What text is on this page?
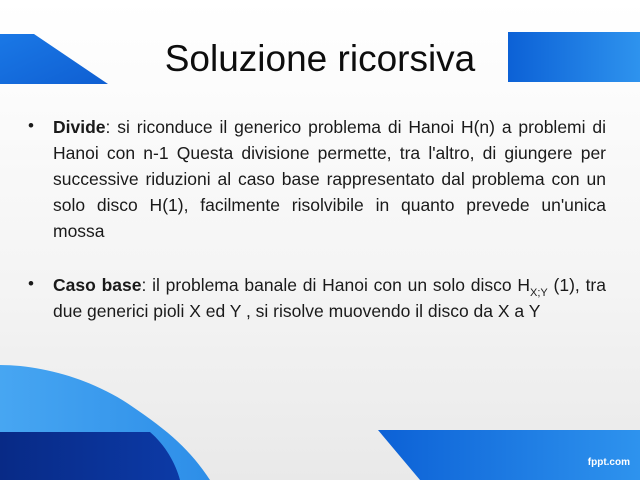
Soluzione ricorsiva
• Divide: si riconduce il generico problema di Hanoi H(n) a problemi di Hanoi con n-1 Questa divisione permette, tra l'altro, di giungere per successive riduzioni al caso base rappresentato dal problema con un solo disco H(1), facilmente risolvibile in quanto prevede un'unica mossa
• Caso base: il problema banale di Hanoi con un solo disco $H_{X;Y}$ (1), tra due generici pioli X ed Y , si risolve muovendo il disco da X a Y
fppt.com
